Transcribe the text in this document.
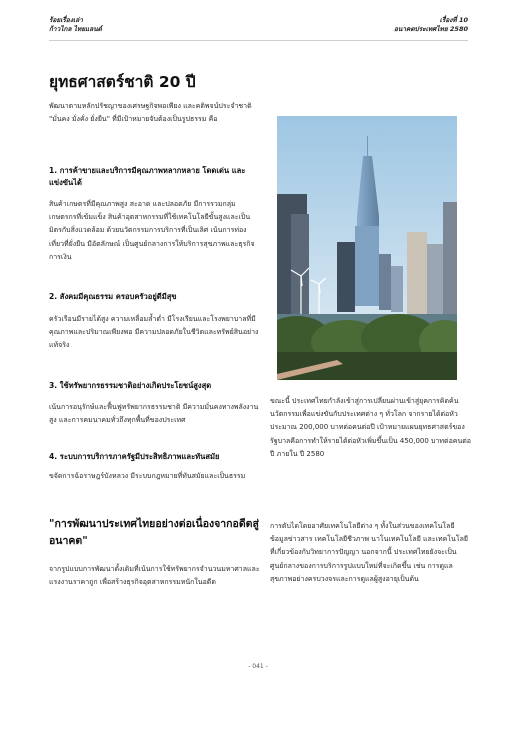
ร้อยเรื่องเล่า
ก้าวไกล ไทยแลนด์
เรื่องที่ 10
อนาคตประเทศไทย 2580
ยุทธศาสตร์ชาติ 20 ปี

พัฒนาตามหลักปรัชญาของเศรษฐกิจพอเพียง และคติพจน์ประจำชาติ "มั่นคง มั่งคั่ง ยั่งยืน" ที่มีเป้าหมายจับต้องเป็นรูปธรรม คือ

1. การค้าขายและบริการมีคุณภาพหลากหลาย โดดเด่น และแข่งขันได้

สินค้าเกษตรที่มีคุณภาพสูง สะอาด และปลอดภัย มีการรวมกลุ่มเกษตรกรที่เข้มแข็ง สินค้าอุตสาหกรรมที่ใช้เทคโนโลยีขั้นสูงและเป็นมิตรกับสิ่งแวดล้อม ด้วยนวัตกรรมการบริการที่เป็นเลิศ เน้นการท่องเที่ยวที่ยั่งยืน มีอัตลักษณ์ เป็นศูนย์กลางการให้บริการสุขภาพและธุรกิจการเงิน

2. สังคมมีคุณธรรม ครอบครัวอยู่ดีมีสุข

ครัวเรือนมีรายได้สูง ความเหลื่อมล้ำต่ำ มีโรงเรียนและโรงพยาบาลที่มีคุณภาพและปริมาณเพียงพอ มีความปลอดภัยในชีวิตและทรัพย์สินอย่างแท้จริง

3. ใช้ทรัพยากรธรรมชาติอย่างเกิดประโยชน์สูงสุด

เน้นการอนุรักษ์และฟื้นฟูทรัพยากรธรรมชาติ มีความมั่นคงทางพลังงานสูง และการคมนาคมทั่วถึงทุกพื้นที่ของประเทศ

4. ระบบการบริการภาครัฐมีประสิทธิภาพและทันสมัย

ขจัดการฉ้อราษฎร์บังหลวง มีระบบกฎหมายที่ทันสมัยและเป็นธรรม

"การพัฒนาประเทศไทยอย่างต่อเนื่องจากอดีตสู่อนาคต"

จากรูปแบบการพัฒนาดั้งเดิมที่เน้นการใช้ทรัพยากรจำนวนมหาศาลและแรงงานราคาถูก เพื่อสร้างธุรกิจอุตสาหกรรมหนักในอดีต

ขณะนี้ ประเทศไทยกำลังเข้าสู่การเปลี่ยนผ่านเข้าสู่ยุคการคิดค้นนวัตกรรมเพื่อแข่งขันกับประเทศต่าง ๆ ทั่วโลก จากรายได้ต่อหัวประมาณ 200,000 บาทต่อคนต่อปี เป้าหมายแผนยุทธศาสตร์ของรัฐบาลคือการทำให้รายได้ต่อหัวเพิ่มขึ้นเป็น 450,000 บาทต่อคนต่อปี ภายใน ปี 2580

การดับไดโดยอาศัยเทคโนโลยีต่าง ๆ ทั้งในส่วนของเทคโนโลยีข้อมูลข่าวสาร เทคโนโลยีชีวภาพ นาโนเทคโนโลยี และเทคโนโลยีที่เกี่ยวข้องกับวิทยาการปัญญา นอกจากนี้ ประเทศไทยยังจะเป็นศูนย์กลางของการบริการรูปแบบใหม่ที่จะเกิดขึ้น เช่น การดูแลสุขภาพอย่างครบวงจรและการดูแลผู้สูงอายุเป็นต้น

- 041 -
